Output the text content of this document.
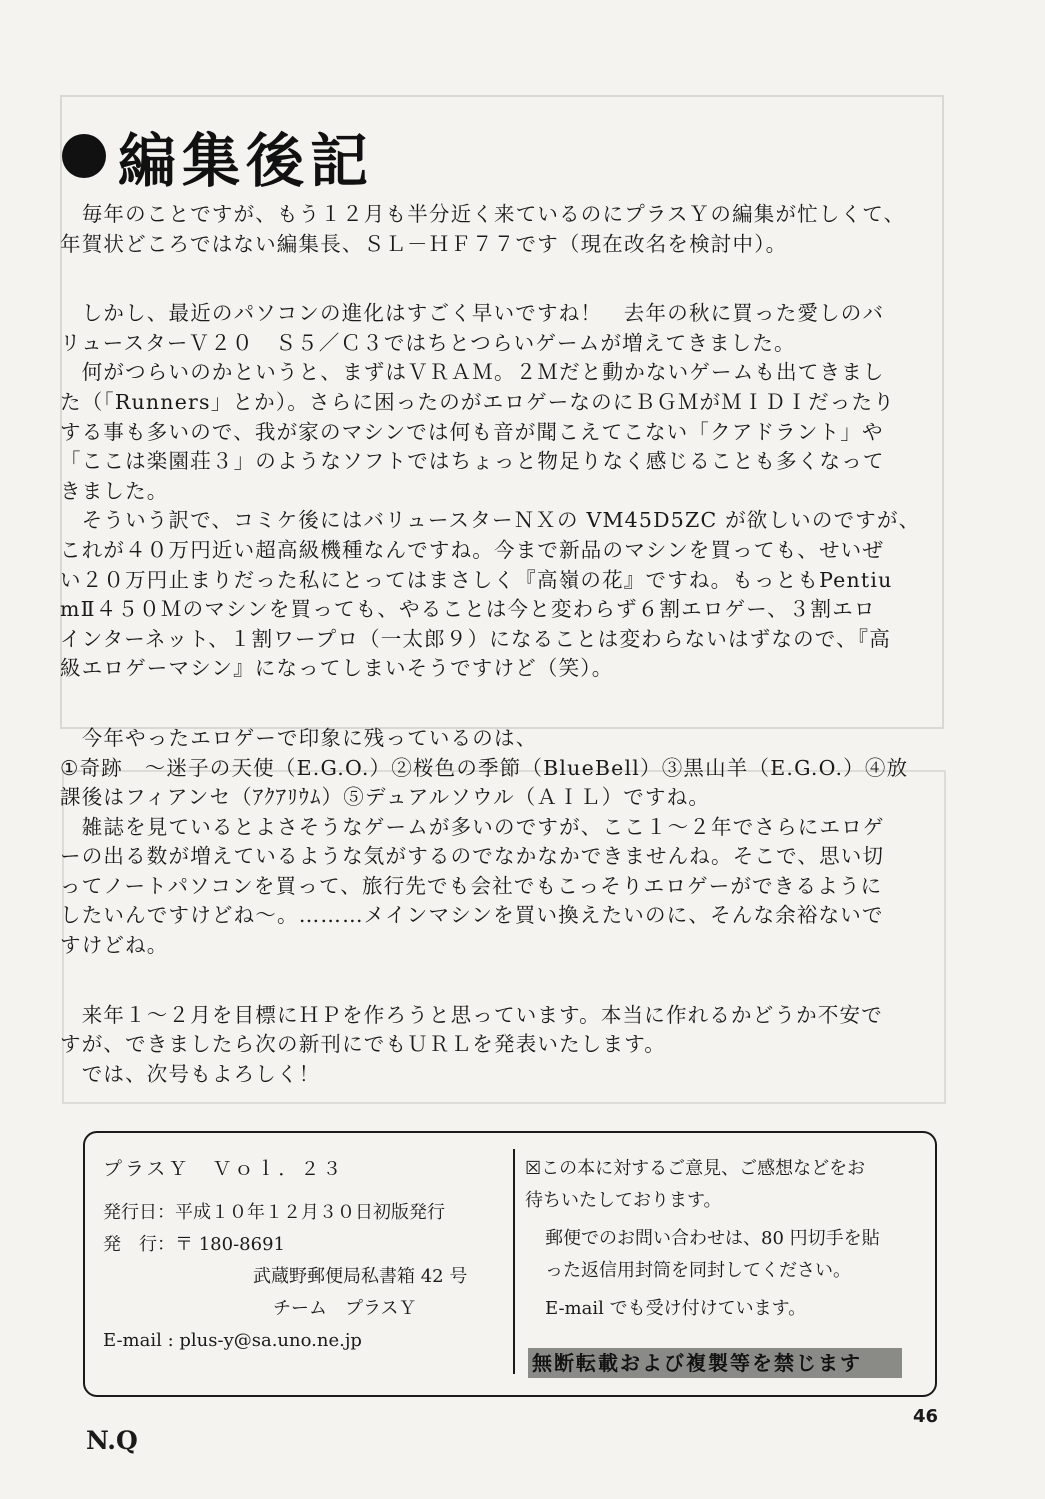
編集後記

　毎年のことですが、もう１２月も半分近く来ているのにプラスＹの編集が忙しくて、
年賀状どころではない編集長、ＳＬ－ＨＦ７７です（現在改名を検討中）。

　しかし、最近のパソコンの進化はすごく早いですね！　去年の秋に買った愛しのバ
リュースターＶ２０　Ｓ５／Ｃ３ではちとつらいゲームが増えてきました。

　何がつらいのかというと、まずはＶＲＡＭ。２Ｍだと動かないゲームも出てきまし
た（「Runners」とか）。さらに困ったのがエロゲーなのにＢＧＭがＭＩＤＩだったり
する事も多いので、我が家のマシンでは何も音が聞こえてこない「クアドラント」や
「ここは楽園荘３」のようなソフトではちょっと物足りなく感じることも多くなって
きました。

　そういう訳で、コミケ後にはバリュースターＮＸの VM45D5ZC が欲しいのですが、
これが４０万円近い超高級機種なんですね。今まで新品のマシンを買っても、せいぜ
い２０万円止まりだった私にとってはまさしく『高嶺の花』ですね。もっともPentiu
mⅡ４５０Ｍのマシンを買っても、やることは今と変わらず６割エロゲー、３割エロ
インターネット、１割ワープロ（一太郎９）になることは変わらないはずなので、『高
級エロゲーマシン』になってしまいそうですけど（笑）。

　今年やったエロゲーで印象に残っているのは、
①奇跡　～迷子の天使（E.G.O.）②桜色の季節（BlueBell）③黒山羊（E.G.O.）④放
課後はフィアンセ（ｱｸｱﾘｳﾑ）⑤デュアルソウル（ＡＩＬ）ですね。

　雑誌を見ているとよさそうなゲームが多いのですが、ここ１～２年でさらにエロゲ
ーの出る数が増えているような気がするのでなかなかできませんね。そこで、思い切
ってノートパソコンを買って、旅行先でも会社でもこっそりエロゲーができるように
したいんですけどね～。………メインマシンを買い換えたいのに、そんな余裕ないで
すけどね。

　来年１～２月を目標にＨＰを作ろうと思っています。本当に作れるかどうか不安で
すが、できましたら次の新刊にでもＵＲＬを発表いたします。

　では、次号もよろしく！

プラスＹ　Ｖｏｌ．２３
発行日：平成１０年１２月３０日初版発行
発　行：〒 180-8691
武蔵野郵便局私書箱 42 号
チーム　プラスＹ
E-mail : plus-y@sa.uno.ne.jp
☒この本に対するご意見、ご感想などをお
待ちいたしております。
郵便でのお問い合わせは、80 円切手を貼
った返信用封筒を同封してください。
E-mail でも受け付けています。
無断転載および複製等を禁じます
46
N.Q
